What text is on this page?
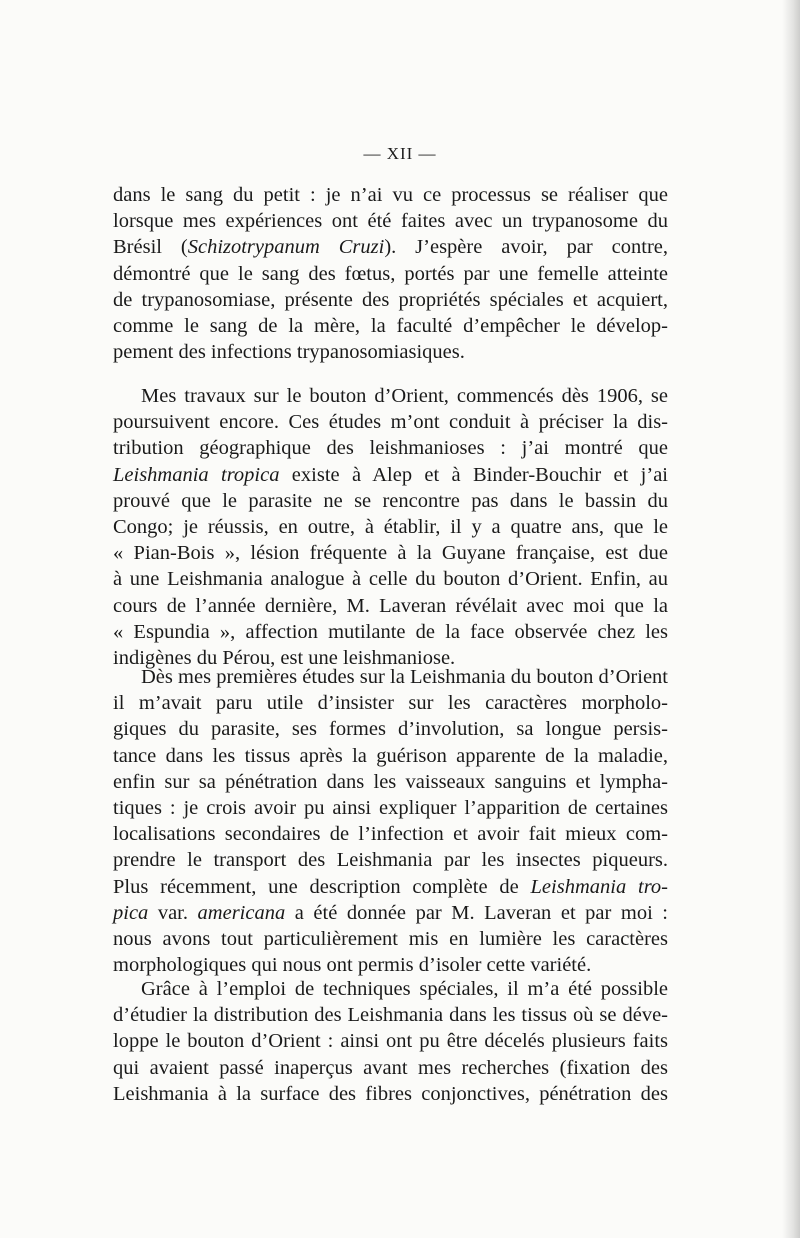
— XII —
dans le sang du petit : je n’ai vu ce processus se réaliser que
lorsque mes expériences ont été faites avec un trypanosome du
Brésil (Schizotrypanum Cruzi). J’espère avoir, par contre,
démontré que le sang des fœtus, portés par une femelle atteinte
de trypanosomiase, présente des propriétés spéciales et acquiert,
comme le sang de la mère, la faculté d’empêcher le dévelop-
pement des infections trypanosomiasiques.
Mes travaux sur le bouton d’Orient, commencés dès 1906, se
poursuivent encore. Ces études m’ont conduit à préciser la dis-
tribution géographique des leishmanioses : j’ai montré que
Leishmania tropica existe à Alep et à Binder-Bouchir et j’ai
prouvé que le parasite ne se rencontre pas dans le bassin du
Congo; je réussis, en outre, à établir, il y a quatre ans, que le
« Pian-Bois », lésion fréquente à la Guyane française, est due
à une Leishmania analogue à celle du bouton d’Orient. Enfin, au
cours de l’année dernière, M. Laveran révélait avec moi que la
« Espundia », affection mutilante de la face observée chez les
indigènes du Pérou, est une leishmaniose.
Dès mes premières études sur la Leishmania du bouton d’Orient
il m’avait paru utile d’insister sur les caractères morpholo-
giques du parasite, ses formes d’involution, sa longue persis-
tance dans les tissus après la guérison apparente de la maladie,
enfin sur sa pénétration dans les vaisseaux sanguins et lympha-
tiques : je crois avoir pu ainsi expliquer l’apparition de certaines
localisations secondaires de l’infection et avoir fait mieux com-
prendre le transport des Leishmania par les insectes piqueurs.
Plus récemment, une description complète de Leishmania tro-
pica var. americana a été donnée par M. Laveran et par moi :
nous avons tout particulièrement mis en lumière les caractères
morphologiques qui nous ont permis d’isoler cette variété.
Grâce à l’emploi de techniques spéciales, il m’a été possible
d’étudier la distribution des Leishmania dans les tissus où se déve-
loppe le bouton d’Orient : ainsi ont pu être décelés plusieurs faits
qui avaient passé inaperçus avant mes recherches (fixation des
Leishmania à la surface des fibres conjonctives, pénétration des
